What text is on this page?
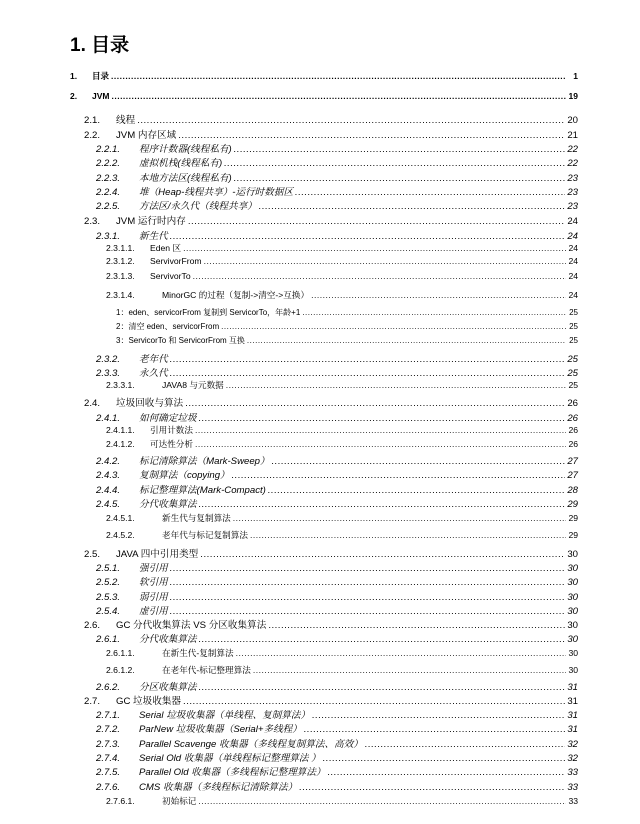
1. 目录
1.	目录 .....	1
2.	JVM .....	19
2.1.	线程 .....	20
2.2.	JVM 内存区域 .....	21
2.2.1.	程序计数器(线程私有) .....	22
2.2.2.	虚拟机栈(线程私有) .....	22
2.2.3.	本地方法区(线程私有) .....	23
2.2.4.	堆（Heap-线程共享）-运行时数据区 .....	23
2.2.5.	方法区/永久代（线程共享） .....	23
2.3.	JVM 运行时内存 .....	24
2.3.1.	新生代 .....	24
2.3.1.1.	Eden 区 .....	24
2.3.1.2.	ServivorFrom .....	24
2.3.1.3.	ServivorTo .....	24
2.3.1.4.	MinorGC 的过程（复制->清空->互换） .....	24
1：eden、servicorFrom 复制到 ServicorTo，年龄+1 .....	25
2：清空 eden、servicorFrom .....	25
3：ServicorTo 和 ServicorFrom 互换 .....	25
2.3.2.	老年代 .....	25
2.3.3.	永久代 .....	25
2.3.3.1.	JAVA8 与元数据 .....	25
2.4.	垃圾回收与算法 .....	26
2.4.1.	如何确定垃圾 .....	26
2.4.1.1.	引用计数法 .....	26
2.4.1.2.	可达性分析 .....	26
2.4.2.	标记清除算法（Mark-Sweep） .....	27
2.4.3.	复制算法（copying） .....	27
2.4.4.	标记整理算法(Mark-Compact) .....	28
2.4.5.	分代收集算法 .....	29
2.4.5.1.	新生代与复制算法 .....	29
2.4.5.2.	老年代与标记复制算法 .....	29
2.5.	JAVA 四中引用类型 .....	30
2.5.1.	强引用 .....	30
2.5.2.	软引用 .....	30
2.5.3.	弱引用 .....	30
2.5.4.	虚引用 .....	30
2.6.	GC 分代收集算法 VS 分区收集算法 .....	30
2.6.1.	分代收集算法 .....	30
2.6.1.1.	在新生代-复制算法 .....	30
2.6.1.2.	在老年代-标记整理算法 .....	30
2.6.2.	分区收集算法 .....	31
2.7.	GC 垃圾收集器 .....	31
2.7.1.	Serial 垃圾收集器（单线程、复制算法） .....	31
2.7.2.	ParNew 垃圾收集器（Serial+多线程） .....	31
2.7.3.	Parallel Scavenge 收集器（多线程复制算法、高效） .....	32
2.7.4.	Serial Old 收集器（单线程标记整理算法 ） .....	32
2.7.5.	Parallel Old 收集器（多线程标记整理算法） .....	33
2.7.6.	CMS 收集器（多线程标记清除算法） .....	33
2.7.6.1.	初始标记 .....	33
